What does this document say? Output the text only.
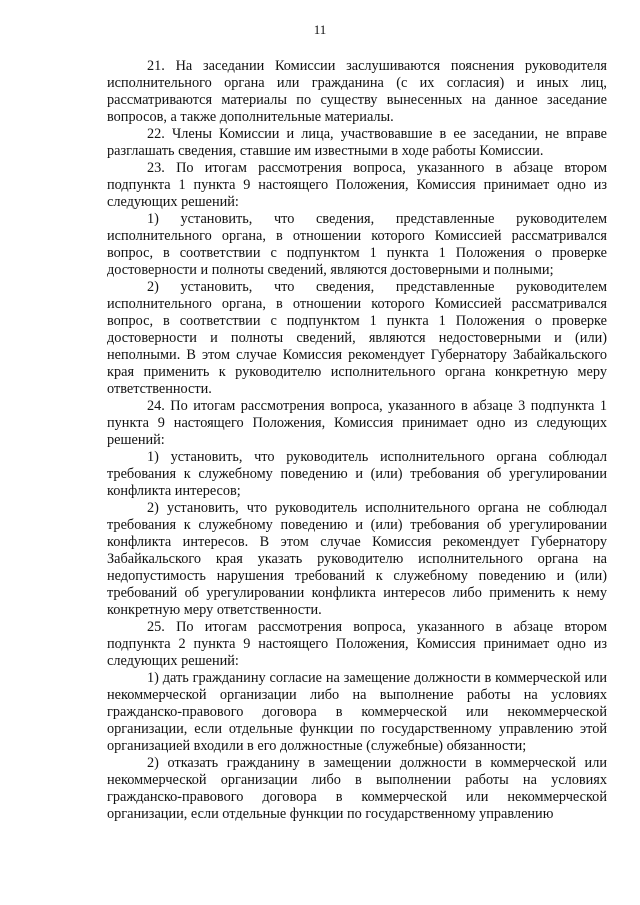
11

21. На заседании Комиссии заслушиваются пояснения руководителя исполнительного органа или гражданина (с их согласия) и иных лиц, рассматриваются материалы по существу вынесенных на данное заседание вопросов, а также дополнительные материалы.

22. Члены Комиссии и лица, участвовавшие в ее заседании, не вправе разглашать сведения, ставшие им известными в ходе работы Комиссии.

23. По итогам рассмотрения вопроса, указанного в абзаце втором подпункта 1 пункта 9 настоящего Положения, Комиссия принимает одно из следующих решений:

1) установить, что сведения, представленные руководителем исполнительного органа, в отношении которого Комиссией рассматривался вопрос, в соответствии с подпунктом 1 пункта 1 Положения о проверке достоверности и полноты сведений, являются достоверными и полными;

2) установить, что сведения, представленные руководителем исполнительного органа, в отношении которого Комиссией рассматривался вопрос, в соответствии с подпунктом 1 пункта 1 Положения о проверке достоверности и полноты сведений, являются недостоверными и (или) неполными. В этом случае Комиссия рекомендует Губернатору Забайкальского края применить к руководителю исполнительного органа конкретную меру ответственности.

24. По итогам рассмотрения вопроса, указанного в абзаце 3 подпункта 1 пункта 9 настоящего Положения, Комиссия принимает одно из следующих решений:

1) установить, что руководитель исполнительного органа соблюдал требования к служебному поведению и (или) требования об урегулировании конфликта интересов;

2) установить, что руководитель исполнительного органа не соблюдал требования к служебному поведению и (или) требования об урегулировании конфликта интересов. В этом случае Комиссия рекомендует Губернатору Забайкальского края указать руководителю исполнительного органа на недопустимость нарушения требований к служебному поведению и (или) требований об урегулировании конфликта интересов либо применить к нему конкретную меру ответственности.

25. По итогам рассмотрения вопроса, указанного в абзаце втором подпункта 2 пункта 9 настоящего Положения, Комиссия принимает одно из следующих решений:

1) дать гражданину согласие на замещение должности в коммерческой или некоммерческой организации либо на выполнение работы на условиях гражданско-правового договора в коммерческой или некоммерческой организации, если отдельные функции по государственному управлению этой организацией входили в его должностные (служебные) обязанности;

2) отказать гражданину в замещении должности в коммерческой или некоммерческой организации либо в выполнении работы на условиях гражданско-правового договора в коммерческой или некоммерческой организации, если отдельные функции по государственному управлению
